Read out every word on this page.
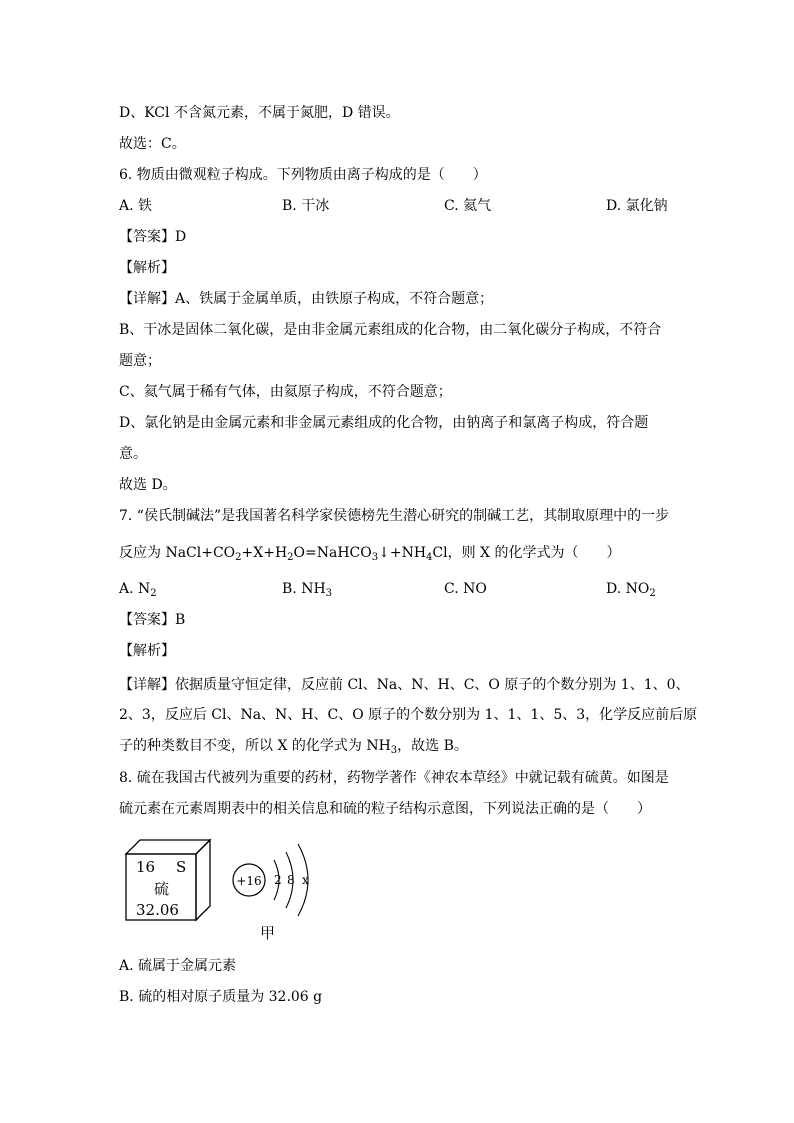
D、KCl 不含氮元素，不属于氮肥，D 错误。
故选：C。
6. 物质由微观粒子构成。下列物质由离子构成的是（　　）
A. 铁	B. 干冰	C. 氦气	D. 氯化钠
【答案】D
【解析】
【详解】A、铁属于金属单质，由铁原子构成，不符合题意；
B、干冰是固体二氧化碳，是由非金属元素组成的化合物，由二氧化碳分子构成，不符合
题意；
C、氦气属于稀有气体，由氦原子构成，不符合题意；
D、氯化钠是由金属元素和非金属元素组成的化合物，由钠离子和氯离子构成，符合题
意。
故选 D。
7. “侯氏制碱法”是我国著名科学家侯德榜先生潜心研究的制碱工艺，其制取原理中的一步
反应为 $NaCl+CO_2+X+H_2O=NaHCO_3↓+NH_4Cl$，则 X 的化学式为（　　）
A. $N_2$	B. $NH_3$	C. NO	D. $NO_2$
【答案】B
【解析】
【详解】依据质量守恒定律，反应前 Cl、Na、N、H、C、O 原子的个数分别为 1、1、0、
2、3，反应后 Cl、Na、N、H、C、O 原子的个数分别为 1、1、1、5、3，化学反应前后原
子的种类数目不变，所以 X 的化学式为 $NH_3$，故选 B。
8. 硫在我国古代被列为重要的药材，药物学著作《神农本草经》中就记载有硫黄。如图是
硫元素在元素周期表中的相关信息和硫的粒子结构示意图，下列说法正确的是（　　）
16 S
硫
32.06
+16 2 8 x
甲
A. 硫属于金属元素
B. 硫的相对原子质量为 32.06 g
